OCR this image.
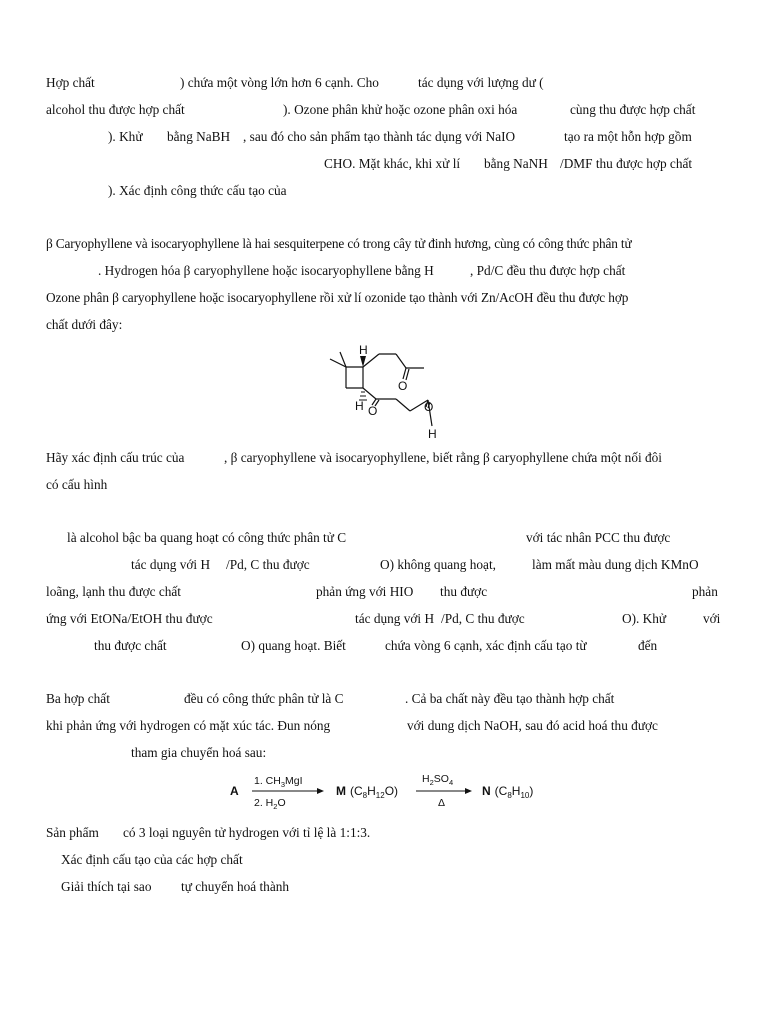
Hợp chất	) chứa một vòng lớn hơn 6 cạnh. Cho	tác dụng với lượng dư (
alcohol thu được hợp chất	). Ozone phân khử hoặc ozone phân oxi hóa	cùng thu được hợp chất
). Khử bằng NaBH , sau đó cho sản phẩm tạo thành tác dụng với NaIO	tạo ra một hỗn hợp gồm
CHO. Mặt khác, khi xử lí bằng NaNH /DMF thu được hợp chất
). Xác định công thức cấu tạo của
β Caryophyllene và isocaryophyllene là hai sesquiterpene có trong cây tử đinh hương, cùng có công thức phân tử
. Hydrogen hóa β caryophyllene hoặc isocaryophyllene bằng H	, Pd/C đều thu được hợp chất
Ozone phân β caryophyllene hoặc isocaryophyllene rồi xử lí ozonide tạo thành với Zn/AcOH đều thu được hợp
chất dưới đây:
H
H
O
O	O
H
Hãy xác định cấu trúc của	, β caryophyllene và isocaryophyllene, biết rằng β caryophyllene chứa một nối đôi
có cấu hình
là alcohol bậc ba quang hoạt có công thức phân tử C	với tác nhân PCC thu được
tác dụng với H /Pd, C thu được	O) không quang hoạt,	làm mất màu dung dịch KMnO
loãng, lạnh thu được chất	phản ứng với HIO thu được	phản
ứng với EtONa/EtOH thu được	tác dụng với H /Pd, C thu được	O). Khử	với
thu được chất	O) quang hoạt. Biết	chứa vòng 6 cạnh, xác định cấu tạo từ	đến
Ba hợp chất	đều có công thức phân tử là C	. Cả ba chất này đều tạo thành hợp chất
khi phản ứng với hydrogen có mặt xúc tác. Đun nóng	với dung dịch NaOH, sau đó acid hoá thu được
tham gia chuyển hoá sau:
A
1. $CH_3MgI$
2. $H_2O$
M $(C_8H_{12}O)$
$H_2SO_4$
Δ
N $(C_8H_{10})$
Sản phẩm có 3 loại nguyên tử hydrogen với tỉ lệ là 1:1:3.
Xác định cấu tạo của các hợp chất
Giải thích tại sao tự chuyển hoá thành
